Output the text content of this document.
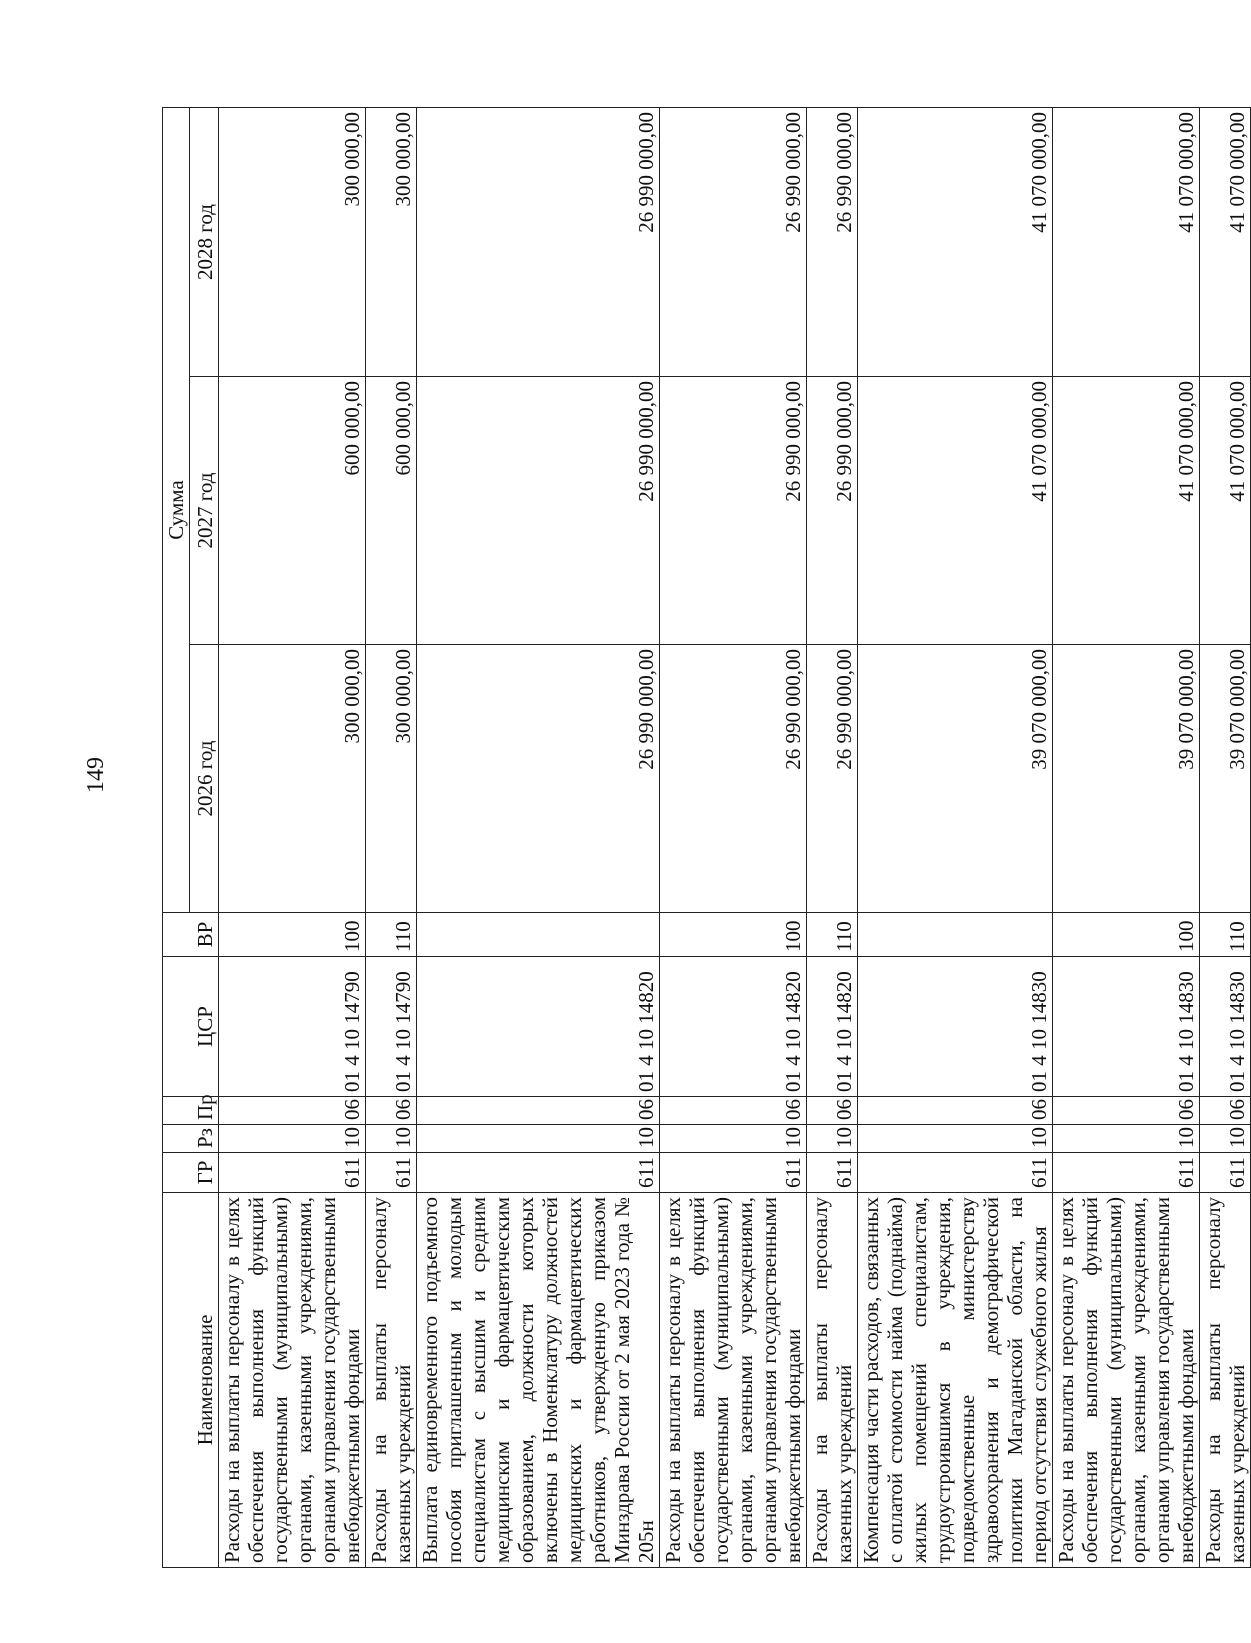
149
Наименование	ГР	Рз	Пр	ЦСР	ВР	Сумма		
						2026 год	2027 год	2028 год
Расходы на выплаты персоналу в целях обеспечения выполнения функций государственными (муниципальными) органами, казенными учреждениями, органами управления государственными внебюджетными фондами	611	10	06	01 4 10 14790	100	300 000,00	600 000,00	300 000,00
Расходы на выплаты персоналу казенных учреждений	611	10	06	01 4 10 14790	110	300 000,00	600 000,00	300 000,00
Выплата единовременного подъемного пособия приглашенным и молодым специалистам с высшим и средним медицинским и фармацевтическим образованием, должности которых включены в Номенклатуру должностей медицинских и фармацевтических работников, утвержденную приказом Минздрава России от 2 мая 2023 года № 205н	611	10	06	01 4 10 14820		26 990 000,00	26 990 000,00	26 990 000,00
Расходы на выплаты персоналу в целях обеспечения выполнения функций государственными (муниципальными) органами, казенными учреждениями, органами управления государственными внебюджетными фондами	611	10	06	01 4 10 14820	100	26 990 000,00	26 990 000,00	26 990 000,00
Расходы на выплаты персоналу казенных учреждений	611	10	06	01 4 10 14820	110	26 990 000,00	26 990 000,00	26 990 000,00
Компенсация части расходов, связанных с оплатой стоимости найма (поднайма) жилых помещений специалистам, трудоустроившимся в учреждения, подведомственные министерству здравоохранения и демографической политики Магаданской области, на период отсутствия служебного жилья	611	10	06	01 4 10 14830		39 070 000,00	41 070 000,00	41 070 000,00
Расходы на выплаты персоналу в целях обеспечения выполнения функций государственными (муниципальными) органами, казенными учреждениями, органами управления государственными внебюджетными фондами	611	10	06	01 4 10 14830	100	39 070 000,00	41 070 000,00	41 070 000,00
Расходы на выплаты персоналу казенных учреждений	611	10	06	01 4 10 14830	110	39 070 000,00	41 070 000,00	41 070 000,00
